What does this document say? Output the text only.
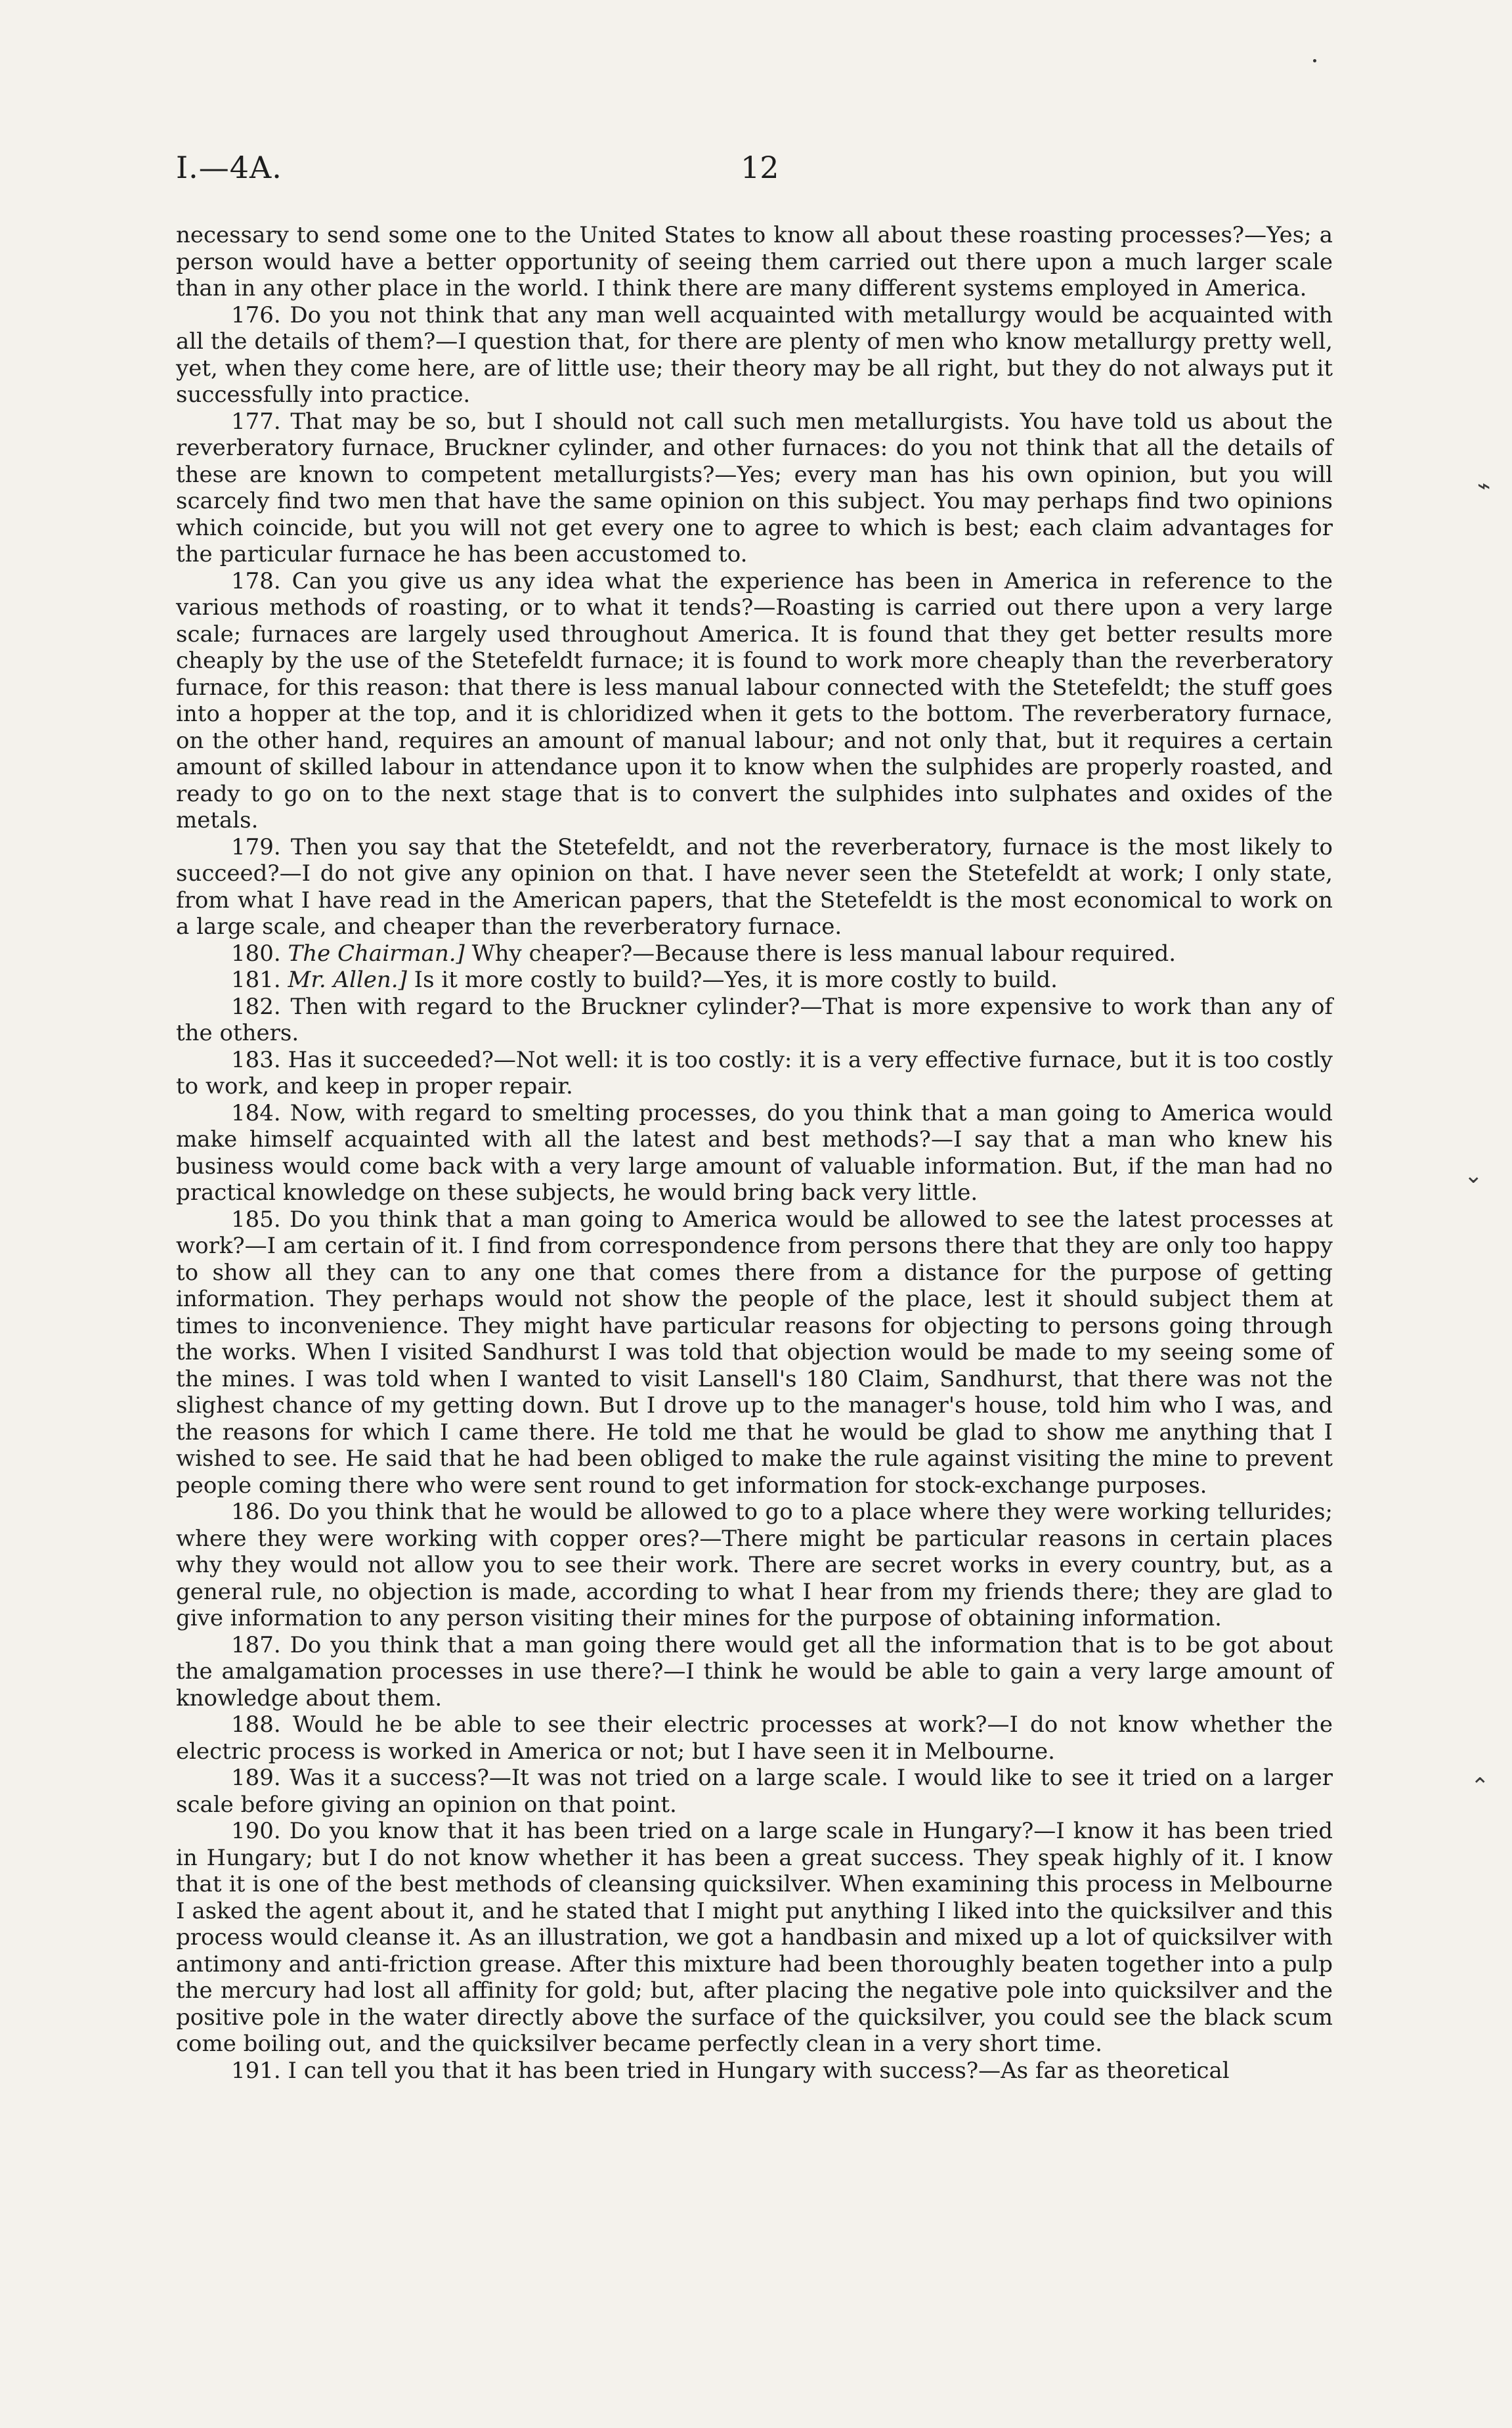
I.—4A.	12

necessary to send some one to the United States to know all about these roasting processes?—Yes; a person would have a better opportunity of seeing them carried out there upon a much larger scale than in any other place in the world. I think there are many different systems employed in America.

176. Do you not think that any man well acquainted with metallurgy would be acquainted with all the details of them?—I question that, for there are plenty of men who know metallurgy pretty well, yet, when they come here, are of little use; their theory may be all right, but they do not always put it successfully into practice.

177. That may be so, but I should not call such men metallurgists. You have told us about the reverberatory furnace, Bruckner cylinder, and other furnaces: do you not think that all the details of these are known to competent metallurgists?—Yes; every man has his own opinion, but you will scarcely find two men that have the same opinion on this subject. You may perhaps find two opinions which coincide, but you will not get every one to agree to which is best; each claim advantages for the particular furnace he has been accustomed to.

178. Can you give us any idea what the experience has been in America in reference to the various methods of roasting, or to what it tends?—Roasting is carried out there upon a very large scale; furnaces are largely used throughout America. It is found that they get better results more cheaply by the use of the Stetefeldt furnace; it is found to work more cheaply than the reverberatory furnace, for this reason: that there is less manual labour connected with the Stetefeldt; the stuff goes into a hopper at the top, and it is chloridized when it gets to the bottom. The reverberatory furnace, on the other hand, requires an amount of manual labour; and not only that, but it requires a certain amount of skilled labour in attendance upon it to know when the sulphides are properly roasted, and ready to go on to the next stage that is to convert the sulphides into sulphates and oxides of the metals.

179. Then you say that the Stetefeldt, and not the reverberatory, furnace is the most likely to succeed?—I do not give any opinion on that. I have never seen the Stetefeldt at work; I only state, from what I have read in the American papers, that the Stetefeldt is the most economical to work on a large scale, and cheaper than the reverberatory furnace.

180. The Chairman.] Why cheaper?—Because there is less manual labour required.

181. Mr. Allen.] Is it more costly to build?—Yes, it is more costly to build.

182. Then with regard to the Bruckner cylinder?—That is more expensive to work than any of the others.

183. Has it succeeded?—Not well: it is too costly: it is a very effective furnace, but it is too costly to work, and keep in proper repair.

184. Now, with regard to smelting processes, do you think that a man going to America would make himself acquainted with all the latest and best methods?—I say that a man who knew his business would come back with a very large amount of valuable information. But, if the man had no practical knowledge on these subjects, he would bring back very little.

185. Do you think that a man going to America would be allowed to see the latest processes at work?—I am certain of it. I find from correspondence from persons there that they are only too happy to show all they can to any one that comes there from a distance for the purpose of getting information. They perhaps would not show the people of the place, lest it should subject them at times to inconvenience. They might have particular reasons for objecting to persons going through the works. When I visited Sandhurst I was told that objection would be made to my seeing some of the mines. I was told when I wanted to visit Lansell's 180 Claim, Sandhurst, that there was not the slighest chance of my getting down. But I drove up to the manager's house, told him who I was, and the reasons for which I came there. He told me that he would be glad to show me anything that I wished to see. He said that he had been obliged to make the rule against visiting the mine to prevent people coming there who were sent round to get information for stock-exchange purposes.

186. Do you think that he would be allowed to go to a place where they were working tellurides; where they were working with copper ores?—There might be particular reasons in certain places why they would not allow you to see their work. There are secret works in every country, but, as a general rule, no objection is made, according to what I hear from my friends there; they are glad to give information to any person visiting their mines for the purpose of obtaining information.

187. Do you think that a man going there would get all the information that is to be got about the amalgamation processes in use there?—I think he would be able to gain a very large amount of knowledge about them.

188. Would he be able to see their electric processes at work?—I do not know whether the electric process is worked in America or not; but I have seen it in Melbourne.

189. Was it a success?—It was not tried on a large scale. I would like to see it tried on a larger scale before giving an opinion on that point.

190. Do you know that it has been tried on a large scale in Hungary?—I know it has been tried in Hungary; but I do not know whether it has been a great success. They speak highly of it. I know that it is one of the best methods of cleansing quicksilver. When examining this process in Melbourne I asked the agent about it, and he stated that I might put anything I liked into the quicksilver and this process would cleanse it. As an illustration, we got a handbasin and mixed up a lot of quicksilver with antimony and anti-friction grease. After this mixture had been thoroughly beaten together into a pulp the mercury had lost all affinity for gold; but, after placing the negative pole into quicksilver and the positive pole in the water directly above the surface of the quicksilver, you could see the black scum come boiling out, and the quicksilver became perfectly clean in a very short time.

191. I can tell you that it has been tried in Hungary with success?—As far as theoretical

⌁
⌄
⌃
